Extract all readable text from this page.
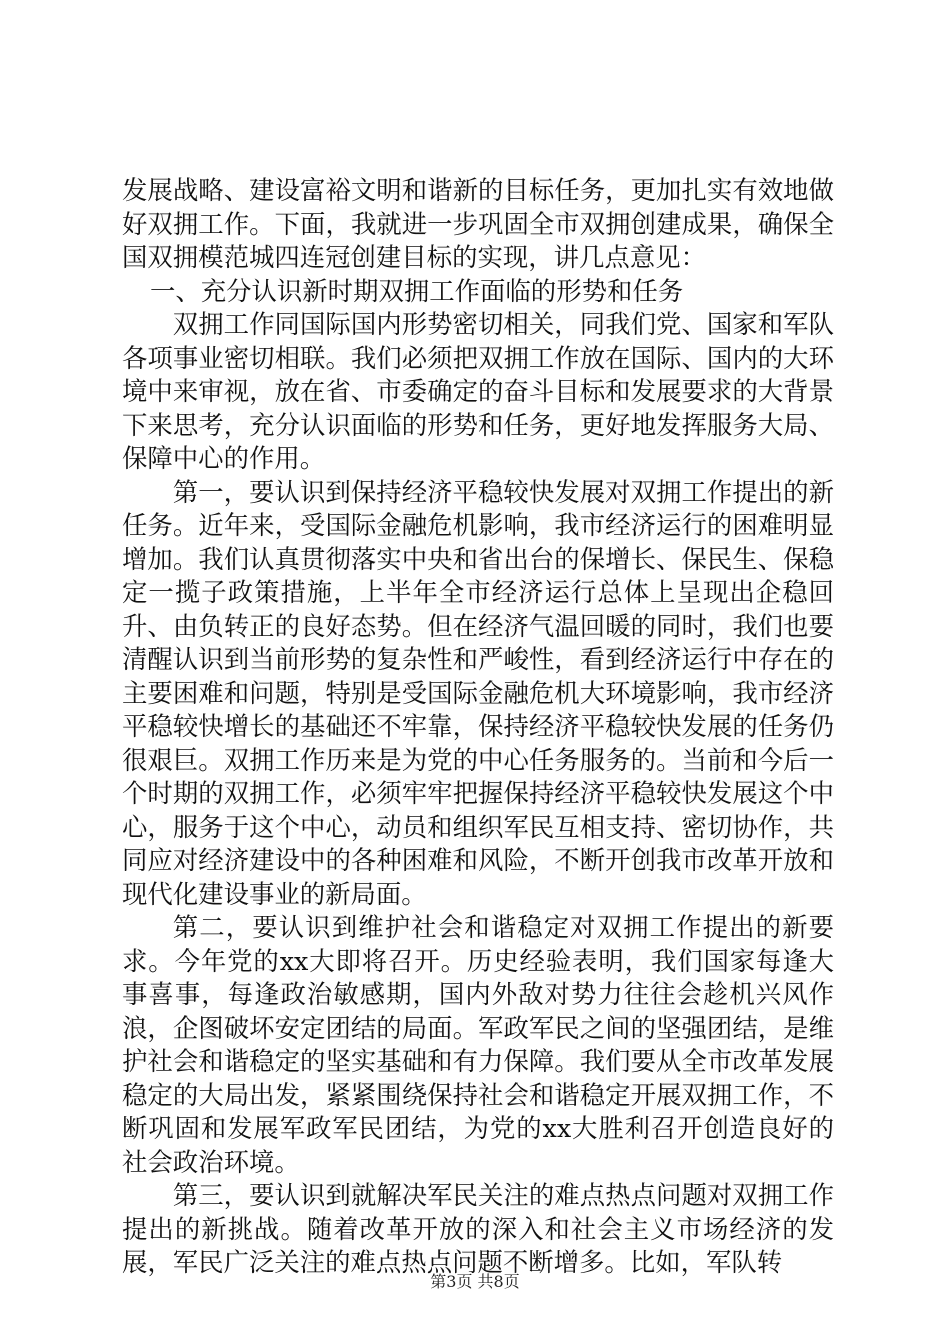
发展战略、建设富裕文明和谐新的目标任务，更加扎实有效地做好双拥工作。下面，我就进一步巩固全市双拥创建成果，确保全国双拥模范城四连冠创建目标的实现，讲几点意见：

一、充分认识新时期双拥工作面临的形势和任务

双拥工作同国际国内形势密切相关，同我们党、国家和军队各项事业密切相联。我们必须把双拥工作放在国际、国内的大环境中来审视，放在省、市委确定的奋斗目标和发展要求的大背景下来思考，充分认识面临的形势和任务，更好地发挥服务大局、保障中心的作用。

第一，要认识到保持经济平稳较快发展对双拥工作提出的新任务。近年来，受国际金融危机影响，我市经济运行的困难明显增加。我们认真贯彻落实中央和省出台的保增长、保民生、保稳定一揽子政策措施，上半年全市经济运行总体上呈现出企稳回升、由负转正的良好态势。但在经济气温回暖的同时，我们也要清醒认识到当前形势的复杂性和严峻性，看到经济运行中存在的主要困难和问题，特别是受国际金融危机大环境影响，我市经济平稳较快增长的基础还不牢靠，保持经济平稳较快发展的任务仍很艰巨。双拥工作历来是为党的中心任务服务的。当前和今后一个时期的双拥工作，必须牢牢把握保持经济平稳较快发展这个中心，服务于这个中心，动员和组织军民互相支持、密切协作，共同应对经济建设中的各种困难和风险，不断开创我市改革开放和现代化建设事业的新局面。

第二，要认识到维护社会和谐稳定对双拥工作提出的新要求。今年党的xx大即将召开。历史经验表明，我们国家每逢大事喜事，每逢政治敏感期，国内外敌对势力往往会趁机兴风作浪，企图破坏安定团结的局面。军政军民之间的坚强团结，是维护社会和谐稳定的坚实基础和有力保障。我们要从全市改革发展稳定的大局出发，紧紧围绕保持社会和谐稳定开展双拥工作，不断巩固和发展军政军民团结，为党的xx大胜利召开创造良好的社会政治环境。

第三，要认识到就解决军民关注的难点热点问题对双拥工作提出的新挑战。随着改革开放的深入和社会主义市场经济的发展，军民广泛关注的难点热点问题不断增多。比如，军队转

第3页 共8页
